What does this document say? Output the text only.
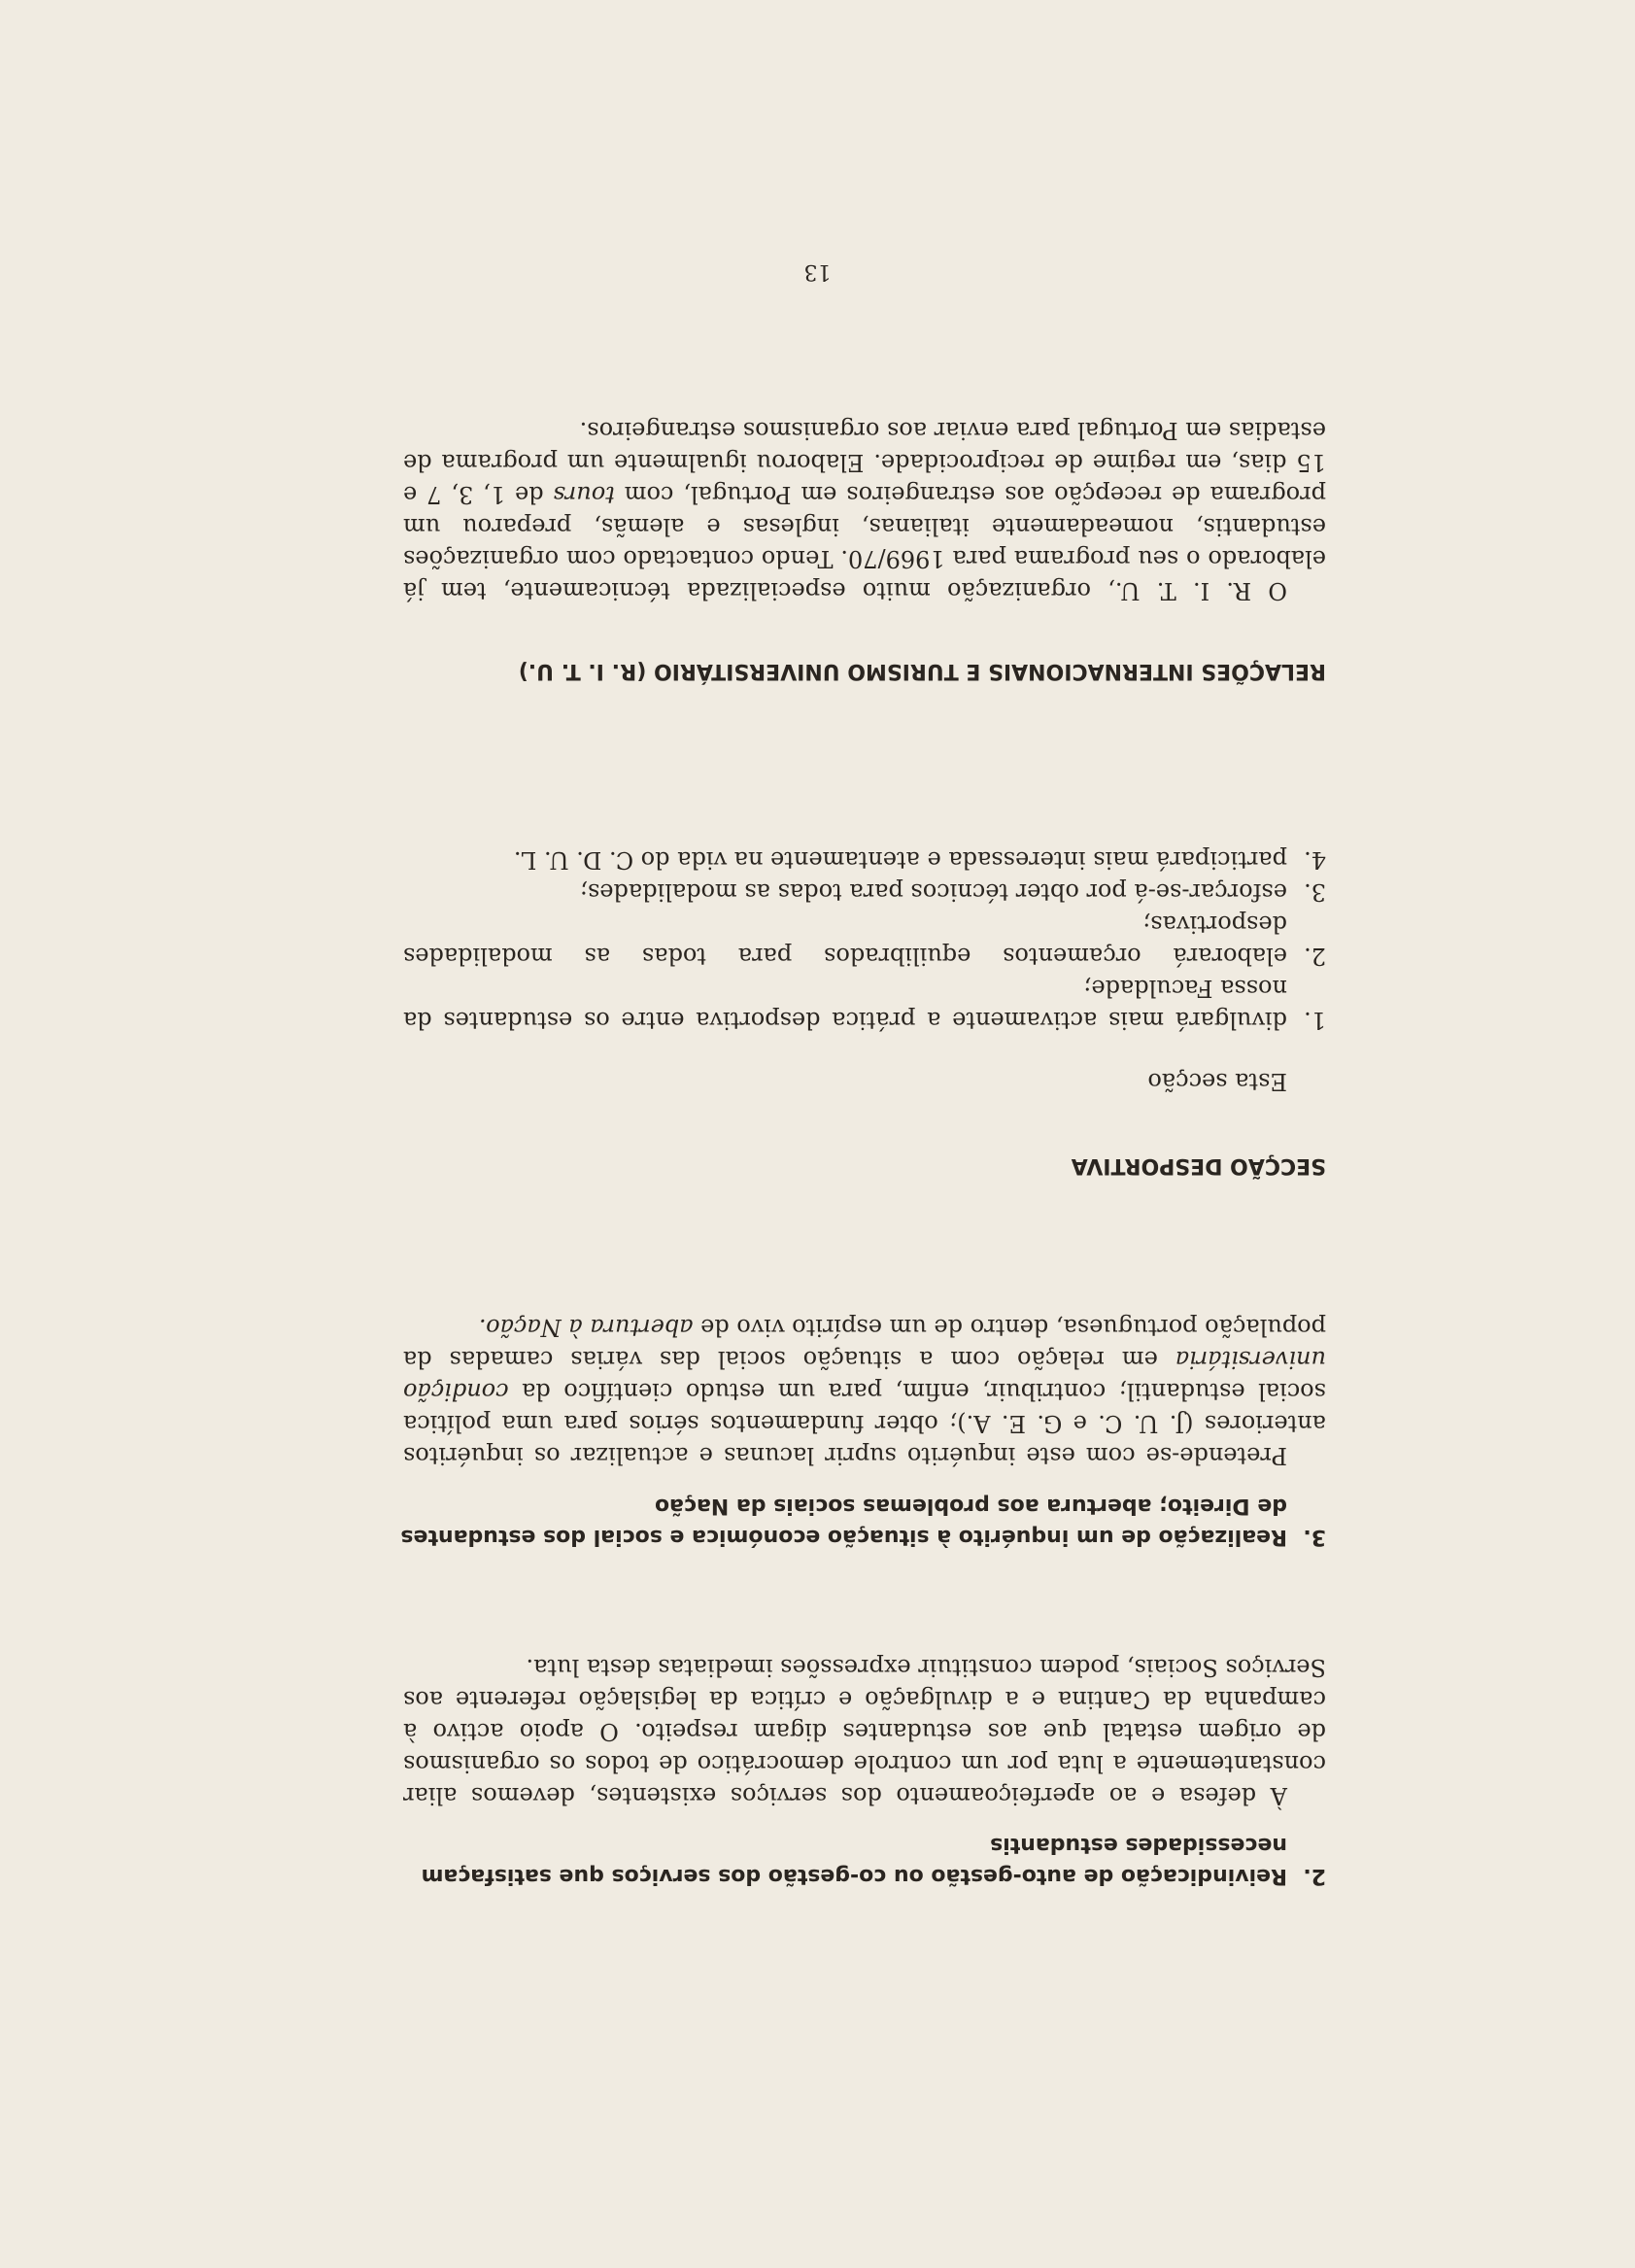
2.
Reivindicação de auto-gestão ou co-gestão dos serviços que satisfaçam necessidades estudantis

À defesa e ao aperfeiçoamento dos serviços existentes, devemos aliar constantemente a luta por um controle democrático de todos os organismos de origem estatal que aos estudantes digam respeito. O apoio activo à campanha da Cantina e a divulgação e crítica da legislação referente aos Serviços Sociais, podem constituir expressões imediatas desta luta.

3.
Realização de um inquérito à situação económica e social dos estudantes de Direito; abertura aos problemas sociais da Nação

Pretende-se com este inquérito suprir lacunas e actualizar os inquéritos anteriores (J. U. C. e G. E. A.); obter fundamentos sérios para uma política social estudantil; contribuir, enfim, para um estudo científico da condição universitária em relação com a situação social das várias camadas da população portuguesa, dentro de um espírito vivo de abertura à Nação.

SECÇÃO DESPORTIVA

Esta secção

1.
divulgará mais activamente a prática desportiva entre os estudantes da nossa Faculdade;
2.
elaborará orçamentos equilibrados para todas as modalidades desportivas;
3.
esforçar-se-á por obter técnicos para todas as modalidades;
4.
participará mais interessada e atentamente na vida do C. D. U. L.
RELAÇÕES INTERNACIONAIS E TURISMO UNIVERSITÁRIO (R. I. T. U.)

O R. I. T. U., organização muito especializada técnicamente, tem já elaborado o seu programa para 1969/70. Tendo contactado com organizações estudantis, nomeadamente italianas, inglesas e alemãs, preparou um programa de recepção aos estrangeiros em Portugal, com tours de 1, 3, 7 e 15 dias, em regime de reciprocidade. Elaborou igualmente um programa de estadias em Portugal para enviar aos organismos estrangeiros.

13
